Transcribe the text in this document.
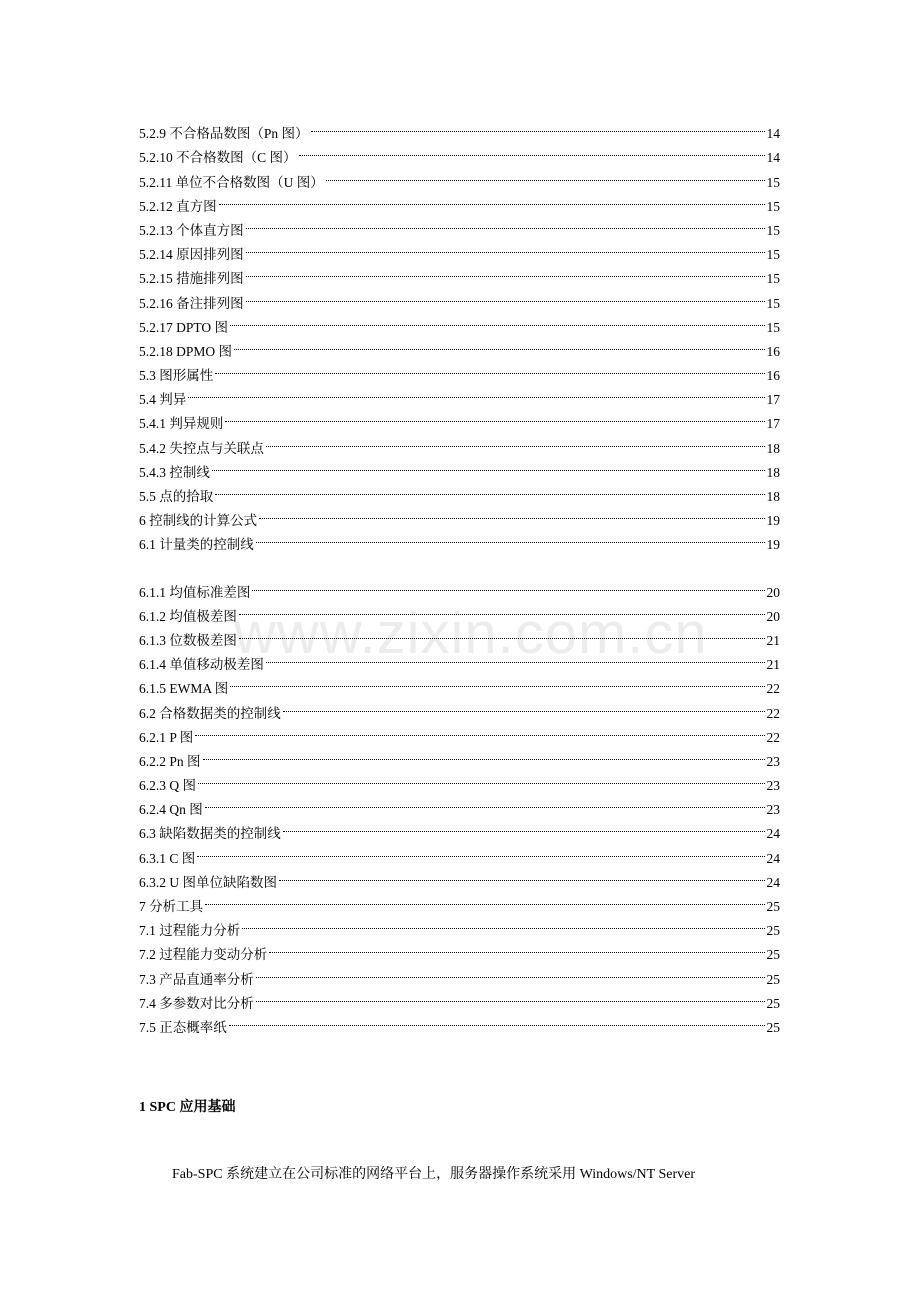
www.zixin.com.cn
5.2.9 不合格品数图（Pn 图）	14
5.2.10 不合格数图（C 图）	14
5.2.11 单位不合格数图（U 图）	15
5.2.12 直方图	15
5.2.13 个体直方图	15
5.2.14 原因排列图	15
5.2.15 措施排列图	15
5.2.16 备注排列图	15
5.2.17 DPTO 图	15
5.2.18 DPMO 图	16
5.3 图形属性	16
5.4 判异	17
5.4.1 判异规则	17
5.4.2 失控点与关联点	18
5.4.3 控制线	18
5.5 点的拾取	18
6 控制线的计算公式	19
6.1 计量类的控制线	19
6.1.1 均值标准差图	20
6.1.2 均值极差图	20
6.1.3 位数极差图	21
6.1.4 单值移动极差图	21
6.1.5 EWMA 图	22
6.2 合格数据类的控制线	22
6.2.1 P 图	22
6.2.2 Pn 图	23
6.2.3 Q 图	23
6.2.4 Qn 图	23
6.3 缺陷数据类的控制线	24
6.3.1 C 图	24
6.3.2 U 图单位缺陷数图	24
7 分析工具	25
7.1 过程能力分析	25
7.2 过程能力变动分析	25
7.3 产品直通率分析	25
7.4 多参数对比分析	25
7.5 正态概率纸	25
1 SPC 应用基础
Fab-SPC 系统建立在公司标准的网络平台上，服务器操作系统采用 Windows/NT Server
